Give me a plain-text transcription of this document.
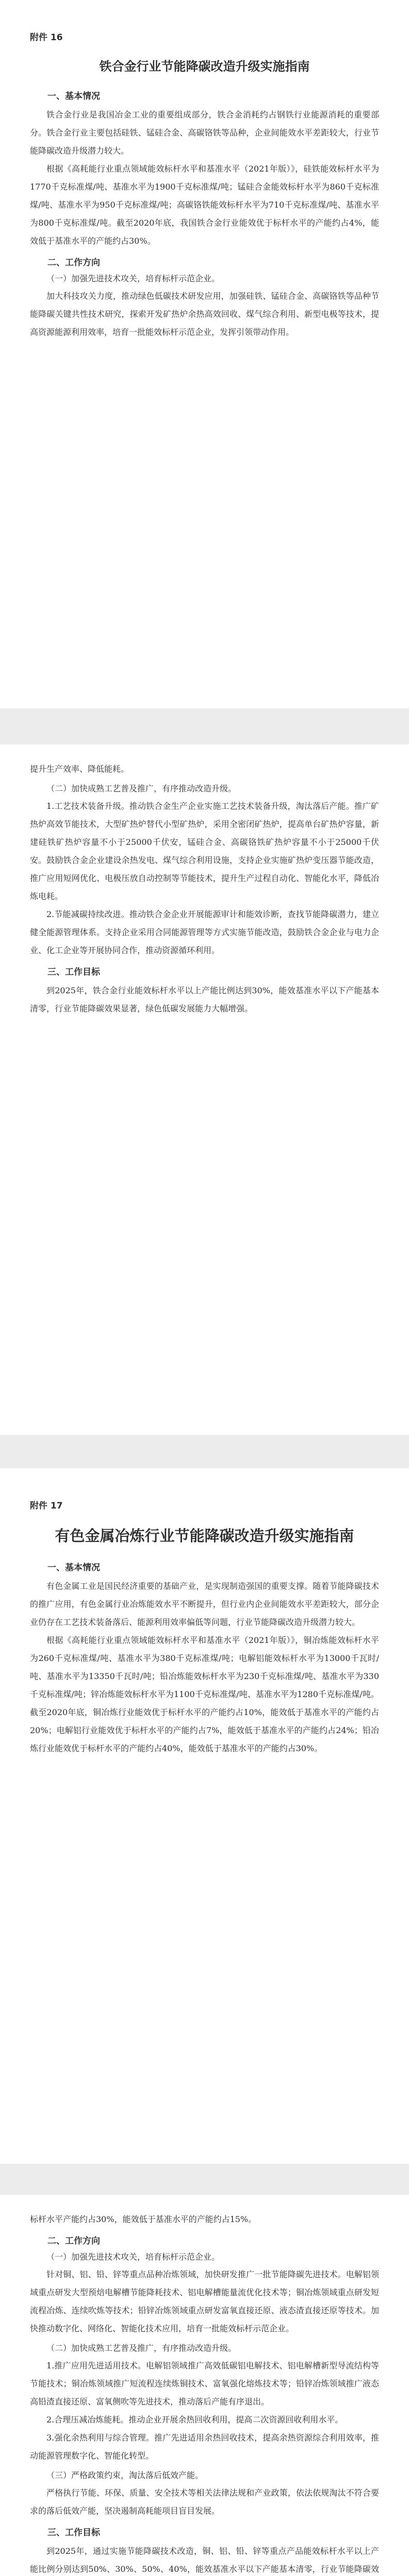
附件 16
铁合金行业节能降碳改造升级实施指南
一、基本情况

铁合金行业是我国冶金工业的重要组成部分，铁合金消耗约占钢铁行业能源消耗的重要部分。铁合金行业主要包括硅铁、锰硅合金、高碳铬铁等品种，企业间能效水平差距较大，行业节能降碳改造升级潜力较大。

根据《高耗能行业重点领域能效标杆水平和基准水平（2021年版）》，硅铁能效标杆水平为1770千克标准煤/吨、基准水平为1900千克标准煤/吨；锰硅合金能效标杆水平为860千克标准煤/吨、基准水平为950千克标准煤/吨；高碳铬铁能效标杆水平为710千克标准煤/吨、基准水平为800千克标准煤/吨。截至2020年底，我国铁合金行业能效优于标杆水平的产能约占4%，能效低于基准水平的产能约占30%。

二、工作方向
（一）加强先进技术攻关，培育标杆示范企业。

加大科技攻关力度，推动绿色低碳技术研发应用，加强硅铁、锰硅合金、高碳铬铁等品种节能降碳关键共性技术研究，探索开发矿热炉余热高效回收、煤气综合利用、新型电极等技术，提高资源能源利用效率，培育一批能效标杆示范企业，发挥引领带动作用。

提升生产效率、降低能耗。

（二）加快成熟工艺普及推广，有序推动改造升级。

1.工艺技术装备升级。推动铁合金生产企业实施工艺技术装备升级，淘汰落后产能。推广矿热炉高效节能技术，大型矿热炉替代小型矿热炉，采用全密闭矿热炉，提高单台矿热炉容量，新建硅铁矿热炉容量不小于25000千伏安，锰硅合金、高碳铬铁矿热炉容量不小于25000千伏安。鼓励铁合金企业建设余热发电、煤气综合利用设施，支持企业实施矿热炉变压器节能改造，推广应用短网优化、电极压放自动控制等节能技术，提升生产过程自动化、智能化水平，降低冶炼电耗。

2.节能减碳持续改进。推动铁合金企业开展能源审计和能效诊断，查找节能降碳潜力，建立健全能源管理体系。支持企业采用合同能源管理等方式实施节能改造，鼓励铁合金企业与电力企业、化工企业等开展协同合作，推动资源循环利用。

三、工作目标

到2025年，铁合金行业能效标杆水平以上产能比例达到30%，能效基准水平以下产能基本清零，行业节能降碳效果显著，绿色低碳发展能力大幅增强。

附件 17
有色金属冶炼行业节能降碳改造升级实施指南
一、基本情况

有色金属工业是国民经济重要的基础产业，是实现制造强国的重要支撑。随着节能降碳技术的推广应用，有色金属行业冶炼能效水平不断提升，但行业内企业间能效水平差距较大，部分企业仍存在工艺技术装备落后、能源利用效率偏低等问题，行业节能降碳改造升级潜力较大。

根据《高耗能行业重点领域能效标杆水平和基准水平（2021年版）》，铜冶炼能效标杆水平为260千克标准煤/吨、基准水平为380千克标准煤/吨；电解铝能效标杆水平为13000千瓦时/吨、基准水平为13350千瓦时/吨；铅冶炼能效标杆水平为230千克标准煤/吨、基准水平为330千克标准煤/吨；锌冶炼能效标杆水平为1100千克标准煤/吨、基准水平为1280千克标准煤/吨。截至2020年底，铜冶炼行业能效优于标杆水平的产能约占10%，能效低于基准水平的产能约占20%；电解铝行业能效优于标杆水平的产能约占7%，能效低于基准水平的产能约占24%；铅冶炼行业能效优于标杆水平的产能约占40%，能效低于基准水平的产能约占30%。

标杆水平产能约占30%，能效低于基准水平的产能约占15%。

二、工作方向
（一）加强先进技术攻关，培育标杆示范企业。

针对铜、铝、铅、锌等重点品种冶炼领域，加快研发推广一批节能降碳先进技术。电解铝领域重点研发大型预焙电解槽节能降耗技术、铝电解槽能量流优化技术等；铜冶炼领域重点研发短流程冶炼、连续吹炼等技术；铅锌冶炼领域重点研发富氧直接还原、液态渣直接还原等技术。加快推动数字化、网络化、智能化技术应用，培育一批能效标杆示范企业。

（二）加快成熟工艺普及推广，有序推动改造升级。

1.推广应用先进适用技术。电解铝领域推广高效低碳铝电解技术、铝电解槽新型导流结构等节能技术；铜冶炼领域推广短流程连续炼铜技术、富氧强化熔炼技术等；铅锌冶炼领域推广液态高铅渣直接还原、富氧侧吹等先进技术，推动落后产能有序退出。

2.合理压减冶炼能耗。推动企业开展余热回收利用，提高二次资源回收利用水平。

3.强化余热利用与综合管理。推广先进适用余热回收技术，提高余热资源综合利用效率，推动能源管理数字化、智能化转型。

（三）严格政策约束，淘汰落后低效产能。

严格执行节能、环保、质量、安全技术等相关法律法规和产业政策，依法依规淘汰不符合要求的落后低效产能，坚决遏制高耗能项目盲目发展。

三、工作目标

到2025年，通过实施节能降碳技术改造，铜、铝、铅、锌等重点产品能效标杆水平以上产能比例分别达到50%、30%、50%、40%，能效基准水平以下产能基本清零，行业节能降碳效
